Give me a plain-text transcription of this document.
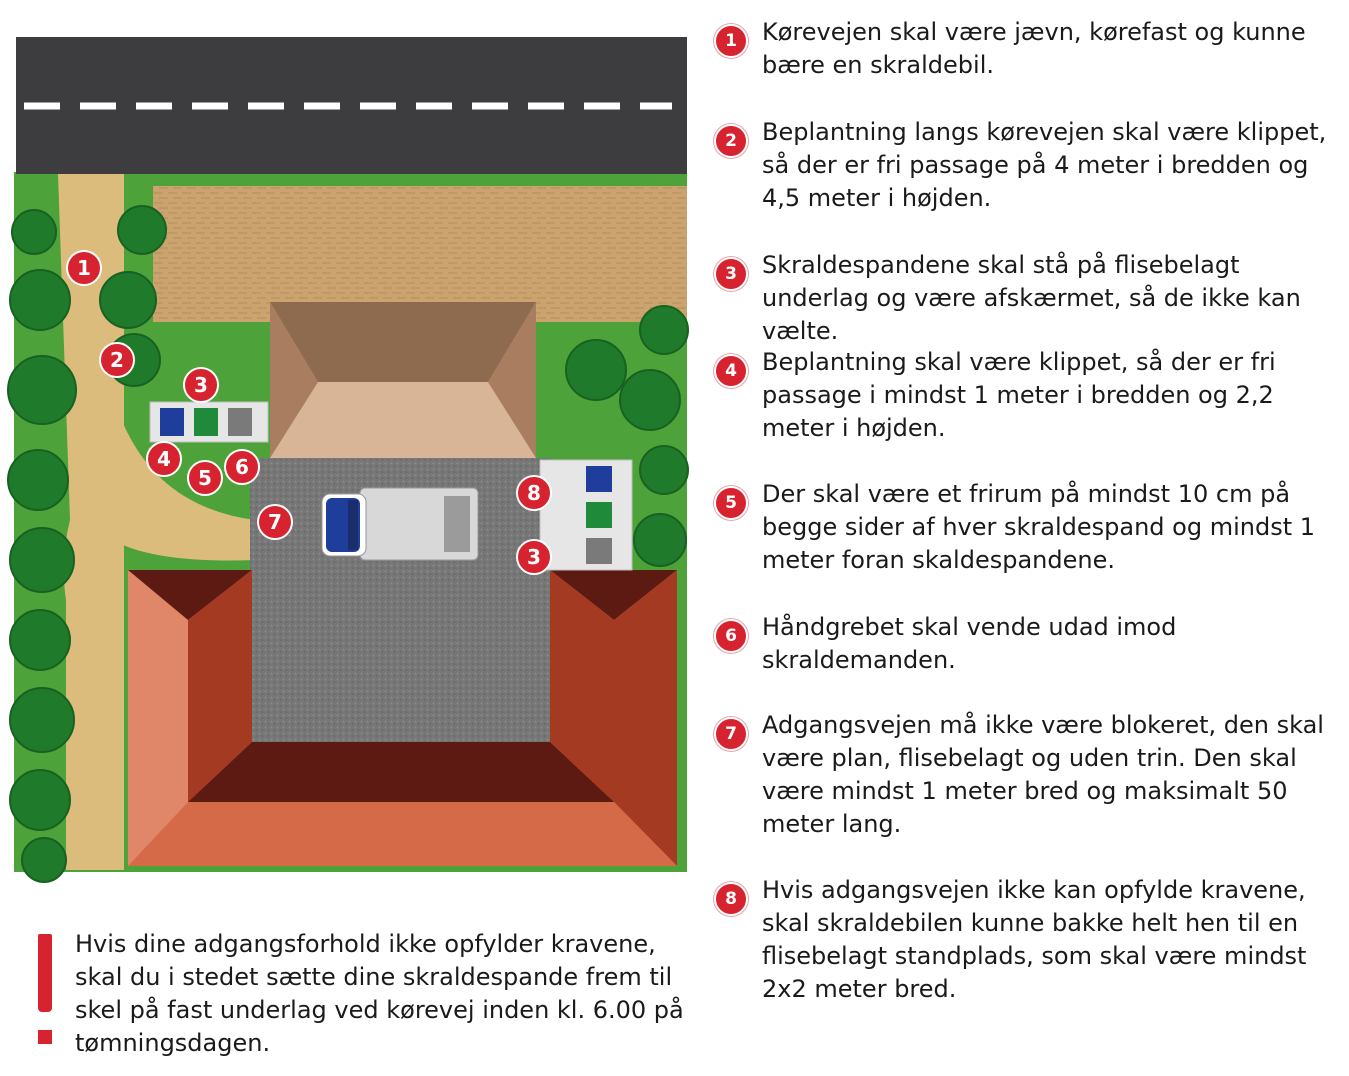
1
2
3
4
5 6
7
8
3
1	Kørevejen skal være jævn, kørefast og kunne bære en skraldebil.

2	Beplantning langs kørevejen skal være klippet, så der er fri passage på 4 meter i bredden og 4,5 meter i højden.

3	Skraldespandene skal stå på flisebelagt underlag og være afskærmet, så de ikke kan vælte.

4	Beplantning skal være klippet, så der er fri passage i mindst 1 meter i bredden og 2,2 meter i højden.

5	Der skal være et frirum på mindst 10 cm på begge sider af hver skraldespand og mindst 1 meter foran skaldespandene.

6	Håndgrebet skal vende udad imod skraldemanden.

7	Adgangsvejen må ikke være blokeret, den skal være plan, flisebelagt og uden trin. Den skal være mindst 1 meter bred og maksimalt 50 meter lang.

8	Hvis adgangsvejen ikke kan opfylde kravene, skal skraldebilen kunne bakke helt hen til en flisebelagt standplads, som skal være mindst 2x2 meter bred.

Hvis dine adgangsforhold ikke opfylder kravene, skal du i stedet sætte dine skraldespande frem til skel på fast underlag ved kørevej inden kl. 6.00 på tømningsdagen.
